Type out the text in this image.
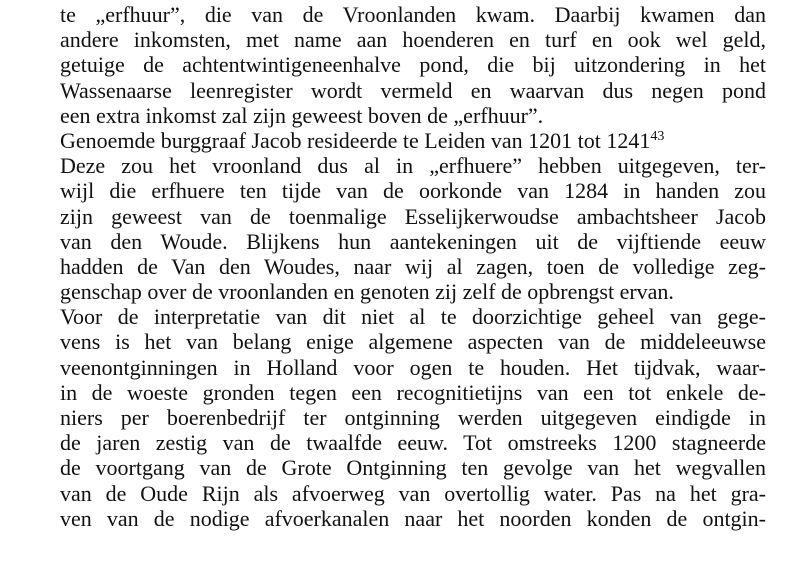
te „erfhuur”, die van de Vroonlanden kwam. Daarbij kwamen dan
andere inkomsten, met name aan hoenderen en turf en ook wel geld,
getuige de achtentwintigeneenhalve pond, die bij uitzondering in het
Wassenaarse leenregister wordt vermeld en waarvan dus negen pond
een extra inkomst zal zijn geweest boven de „erfhuur”.
Genoemde burggraaf Jacob resideerde te Leiden van 1201 tot 1241$^{43}$
Deze zou het vroonland dus al in „erfhuere” hebben uitgegeven, ter-
wijl die erfhuere ten tijde van de oorkonde van 1284 in handen zou
zijn geweest van de toenmalige Esselijkerwoudse ambachtsheer Jacob
van den Woude. Blijkens hun aantekeningen uit de vijftiende eeuw
hadden de Van den Woudes, naar wij al zagen, toen de volledige zeg-
genschap over de vroonlanden en genoten zij zelf de opbrengst ervan.
Voor de interpretatie van dit niet al te doorzichtige geheel van gege-
vens is het van belang enige algemene aspecten van de middeleeuwse
veenontginningen in Holland voor ogen te houden. Het tijdvak, waar-
in de woeste gronden tegen een recognitietijns van een tot enkele de-
niers per boerenbedrijf ter ontginning werden uitgegeven eindigde in
de jaren zestig van de twaalfde eeuw. Tot omstreeks 1200 stagneerde
de voortgang van de Grote Ontginning ten gevolge van het wegvallen
van de Oude Rijn als afvoerweg van overtollig water. Pas na het gra-
ven van de nodige afvoerkanalen naar het noorden konden de ontgin-
